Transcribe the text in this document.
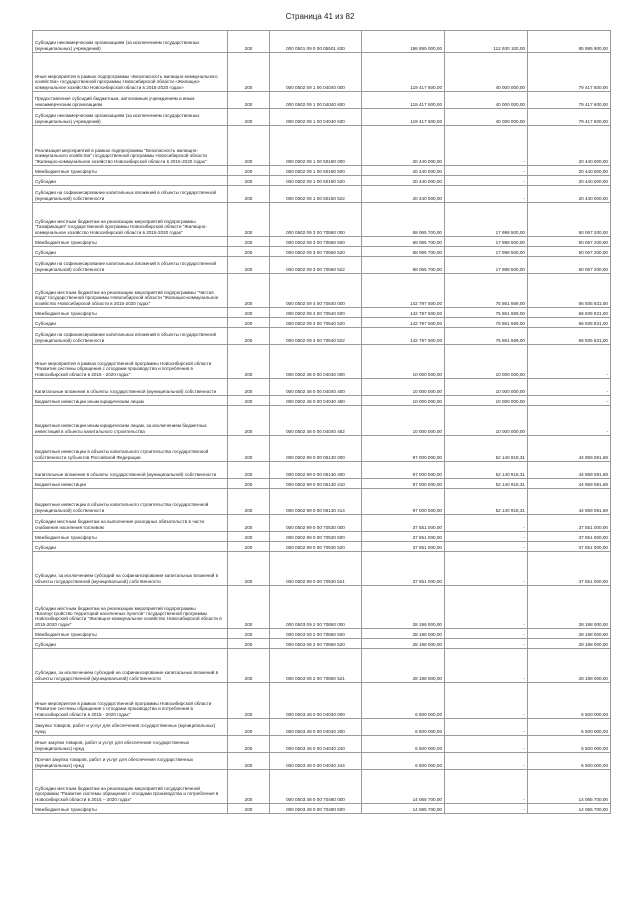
Страница 41 из 82
Субсидии некоммерческим организациям (за исключением государственных (муниципальных) учреждений)	200	000 0501 09 0 00 05501 630	198 895 000,00	112 930 100,00	85 995 900,00
Иные мероприятия в рамках подпрограммы «Безопасность жилищно-коммунального хозяйства» государственной программы Новосибирской области «Жилищно-коммунальное хозяйство Новосибирской области в 2015-2020 годах»	200	000 0502 09 1 00 04040 000	119 417 600,00	40 000 000,00	79 417 600,00
Предоставление субсидий бюджетным, автономным учреждениям и иным некоммерческим организациям	200	000 0502 09 1 00 04040 600	119 417 600,00	40 000 000,00	79 417 600,00
Субсидии некоммерческим организациям (за исключением государственных (муниципальных) учреждений)	200	000 0502 09 1 00 04040 630	119 417 600,00	40 000 000,00	79 417 600,00
Реализация мероприятий в рамках подпрограммы "Безопасность жилищно-коммунального хозяйства" государственной программы Новосибирской области "Жилищно-коммунальное хозяйство Новосибирской области в 2015-2020 годах"	200	000 0502 09 1 00 50180 000	20 440 000,00	-	20 440 000,00
Межбюджетные трансферты	200	000 0502 09 1 00 50180 500	20 440 000,00	-	20 440 000,00
Субсидии	200	000 0502 09 1 00 50180 520	20 440 000,00	-	20 440 000,00
Субсидии на софинансирование капитальных вложений в объекты государственной (муниципальной) собственности	200	000 0502 09 1 00 50180 522	20 440 000,00	-	20 440 000,00
Субсидии местным бюджетам на реализацию мероприятий подпрограммы "Газификация" государственной программы Новосибирской области "Жилищно-коммунальное хозяйство Новосибирской области в 2015-2020 годах"	200	000 0502 09 3 00 70580 000	68 065 700,00	17 998 500,00	50 067 200,00
Межбюджетные трансферты	200	000 0502 09 3 00 70580 500	68 065 700,00	17 998 500,00	50 067 200,00
Субсидии	200	000 0502 09 3 00 70580 520	68 065 700,00	17 998 500,00	50 067 200,00
Субсидии на софинансирование капитальных вложений в объекты государственной (муниципальной) собственности	200	000 0502 09 3 00 70580 522	68 065 700,00	17 998 500,00	50 067 200,00
Субсидии местным бюджетам на реализацию мероприятий подпрограммы "Чистая вода" государственной программы Новосибирской области "Жилищно-коммунальное хозяйство Новосибирской области в 2015-2020 годах"	200	000 0502 09 4 00 70540 000	142 797 500,00	75 861 669,00	66 935 831,00
Межбюджетные трансферты	200	000 0502 09 4 00 70540 500	142 797 500,00	75 861 669,00	66 935 831,00
Субсидии	200	000 0502 09 4 00 70540 520	142 797 500,00	75 861 669,00	66 935 831,00
Субсидии на софинансирование капитальных вложений в объекты государственной (муниципальной) собственности	200	000 0502 09 4 00 70540 522	142 797 500,00	75 861 669,00	66 935 831,00
Иные мероприятия в рамках государственной программы Новосибирской области "Развитие системы обращения с отходами производства и потребления в Новосибирской области в 2015 - 2020 годах"	200	000 0502 48 0 00 04040 000	10 000 000,00	10 000 000,00	-
Капитальные вложения в объекты государственной (муниципальной) собственности	200	000 0502 48 0 00 04040 400	10 000 000,00	10 000 000,00	-
Бюджетные инвестиции иным юридическим лицам	200	000 0502 48 0 00 04040 450	10 000 000,00	10 000 000,00	-
Бюджетные инвестиции иным юридическим лицам, за исключением бюджетных инвестиций в объекты капитального строительства	200	000 0502 48 0 00 04040 452	10 000 000,00	10 000 000,00	-
Бюджетные инвестиции в объекты капитального строительства государственной собственности субъектов Российской Федерации	200	000 0502 99 0 00 05130 000	97 000 000,00	52 140 918,31	44 859 081,69
Капитальные вложения в объекты государственной (муниципальной) собственности	200	000 0502 99 0 00 05130 400	97 000 000,00	52 140 918,31	44 859 081,69
Бюджетные инвестиции	200	000 0502 99 0 00 05130 410	97 000 000,00	52 140 918,31	44 859 081,69
Бюджетные инвестиции в объекты капитального строительства государственной (муниципальной) собственности	200	000 0502 99 0 00 05130 414	97 000 000,00	52 140 918,31	44 859 081,69
Субсидии местным бюджетам на выполнение расходных обязательств в части снабжения населения топливом	200	000 0502 99 0 00 70530 000	37 551 000,00	-	37 551 000,00
Межбюджетные трансферты	200	000 0502 99 0 00 70530 500	37 551 000,00	-	37 551 000,00
Субсидии	200	000 0502 99 0 00 70530 520	37 551 000,00	-	37 551 000,00
Субсидии, за исключением субсидий на софинансирование капитальных вложений в объекты государственной (муниципальной) собственности	200	000 0502 99 0 00 70530 521	37 551 000,00	-	37 551 000,00
Субсидии местным бюджетам на реализацию мероприятий подпрограммы "Благоустройство территорий населенных пунктов" государственной программы Новосибирской области "Жилищно-коммунальное хозяйство Новосибирской области в 2015-2020 годах"	200	000 0503 09 2 00 70850 000	28 198 000,00	-	28 198 000,00
Межбюджетные трансферты	200	000 0503 09 2 00 70850 500	28 198 000,00	-	28 198 000,00
Субсидии	200	000 0503 09 2 00 70850 520	28 198 000,00	-	28 198 000,00
Субсидии, за исключением субсидий на софинансирование капитальных вложений в объекты государственной (муниципальной) собственности	200	000 0503 09 2 00 70850 521	28 198 000,00	-	28 198 000,00
Иные мероприятия в рамках государственной программы Новосибирской области "Развитие системы обращения с отходами производства и потребления в Новосибирской области в 2015 - 2020 годах"	200	000 0503 48 0 00 04040 000	6 500 000,00	-	6 500 000,00
Закупка товаров, работ и услуг для обеспечения государственных (муниципальных) нужд	200	000 0503 48 0 00 04040 200	6 500 000,00	-	6 500 000,00
Иные закупки товаров, работ и услуг для обеспечения государственных (муниципальных) нужд	200	000 0503 48 0 00 04040 240	6 500 000,00	-	6 500 000,00
Прочая закупка товаров, работ и услуг для обеспечения государственных (муниципальных) нужд	200	000 0503 48 0 00 04040 244	6 500 000,00	-	6 500 000,00
Субсидии местным бюджетам на реализацию мероприятий государственной программы "Развитие системы обращения с отходами производства и потребления в Новосибирской области в 2015 – 2020 годах"	200	000 0503 48 0 00 70480 000	14 065 700,00	-	14 065 700,00
Межбюджетные трансферты	200	000 0503 48 0 00 70480 500	14 065 700,00	-	14 065 700,00
